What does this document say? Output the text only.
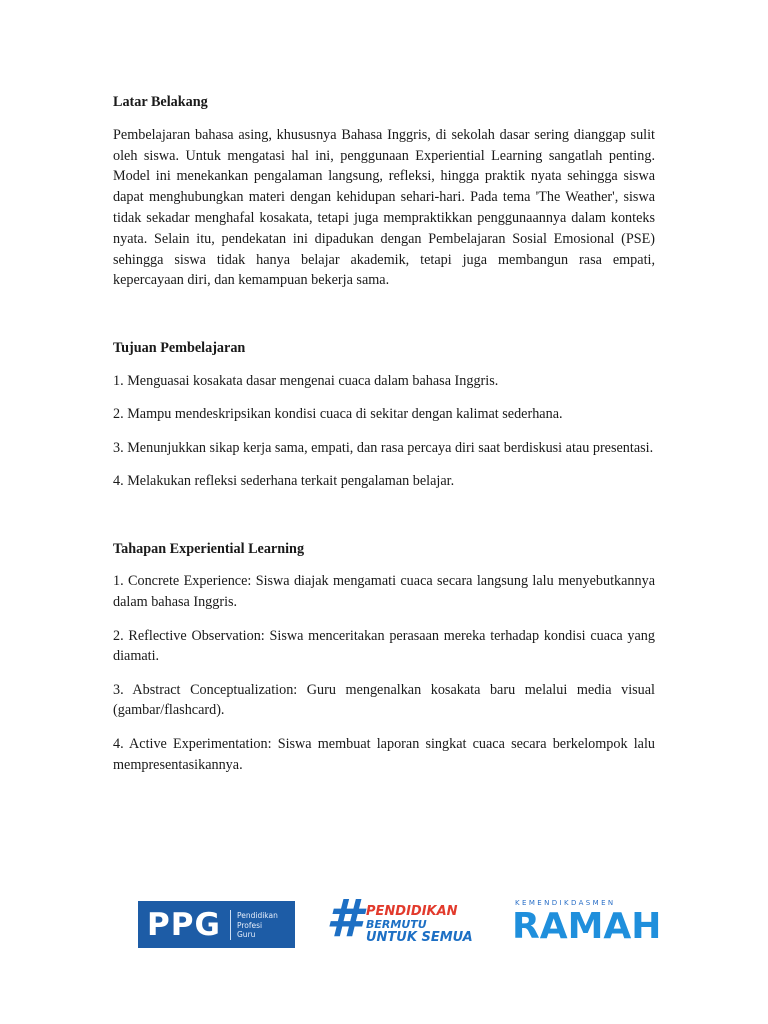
Latar Belakang

Pembelajaran bahasa asing, khususnya Bahasa Inggris, di sekolah dasar sering dianggap sulit oleh siswa. Untuk mengatasi hal ini, penggunaan Experiential Learning sangatlah penting. Model ini menekankan pengalaman langsung, refleksi, hingga praktik nyata sehingga siswa dapat menghubungkan materi dengan kehidupan sehari-hari. Pada tema 'The Weather', siswa tidak sekadar menghafal kosakata, tetapi juga mempraktikkan penggunaannya dalam konteks nyata. Selain itu, pendekatan ini dipadukan dengan Pembelajaran Sosial Emosional (PSE) sehingga siswa tidak hanya belajar akademik, tetapi juga membangun rasa empati, kepercayaan diri, dan kemampuan bekerja sama.

Tujuan Pembelajaran

1. Menguasai kosakata dasar mengenai cuaca dalam bahasa Inggris.

2. Mampu mendeskripsikan kondisi cuaca di sekitar dengan kalimat sederhana.

3. Menunjukkan sikap kerja sama, empati, dan rasa percaya diri saat berdiskusi atau presentasi.

4. Melakukan refleksi sederhana terkait pengalaman belajar.

Tahapan Experiential Learning

1. Concrete Experience: Siswa diajak mengamati cuaca secara langsung lalu menyebutkannya dalam bahasa Inggris.

2. Reflective Observation: Siswa menceritakan perasaan mereka terhadap kondisi cuaca yang diamati.

3. Abstract Conceptualization: Guru mengenalkan kosakata baru melalui media visual (gambar/flashcard).

4. Active Experimentation: Siswa membuat laporan singkat cuaca secara berkelompok lalu mempresentasikannya.

PPG Pendidikan
Profesi
Guru	# PENDIDIKAN
BERMUTU
UNTUK SEMUA
KEMENDIKDASMEN
RAMAH
